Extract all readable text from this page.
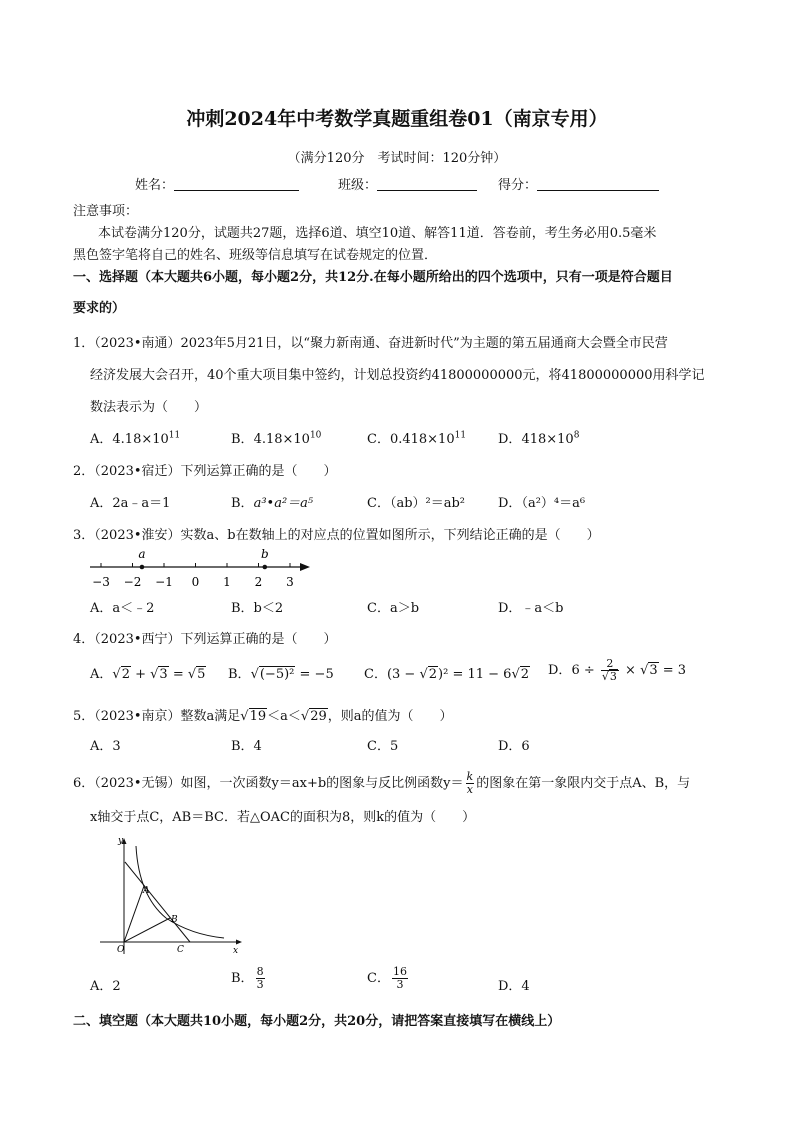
冲刺2024年中考数学真题重组卷01（南京专用）
（满分120分　考试时间：120分钟）
姓名：	班级：	得分：
注意事项：
本试卷满分120分，试题共27题，选择6道、填空10道、解答11道．答卷前，考生务必用0.5毫米
黑色签字笔将自己的姓名、班级等信息填写在试卷规定的位置．
一、选择题（本大题共6小题，每小题2分，共12分.在每小题所给出的四个选项中，只有一项是符合题目
要求的）
1．（2023•南通）2023年5月21日，以“聚力新南通、奋进新时代”为主题的第五届通商大会暨全市民营
经济发展大会召开，40个重大项目集中签约，计划总投资约41800000000元，将41800000000用科学记
数法表示为（　　）
A．$4.18\times 10^{11}$	B．$4.18\times 10^{10}$	C．$0.418\times 10^{11}$ D．$418\times 10^8$
2．（2023•宿迁）下列运算正确的是（　　）
A．2a﹣a＝1	B．a³•a²＝a⁵	C．（ab）²＝ab²	D．（a²）⁴＝a⁶
3．（2023•淮安）实数a、b在数轴上的对应点的位置如图所示，下列结论正确的是（　　）
−3 −2 −1 0 1 2 3
a	b
A．a＜﹣2	B．b＜2	C．a＞b	D．﹣a＜b
4．（2023•西宁）下列运算正确的是（　　）
A．√2 + √3 = √5 B．√(−5)² = −5 C．(3 − √2)² = 11 − 6√2 D．$6 \div \frac{2}{√3} \times √3 = 3$
5．（2023•南京）整数a满足√19＜a＜√29，则a的值为（　　）
A．3	B．4	C．5	D．6
6．（2023•无锡）如图，一次函数y＝ax+b的图象与反比例函数$y= \frac{k}{x}$ 的图象在第一象限内交于点A、B，与
x轴交于点C，AB＝BC．若△OAC的面积为8，则k的值为（　　）
y
x
O
A
B
C
A．2
B． $\frac{8}{3}$	C． $\frac{16}{3}$	D．4
二、填空题（本大题共10小题，每小题2分，共20分，请把答案直接填写在横线上）
